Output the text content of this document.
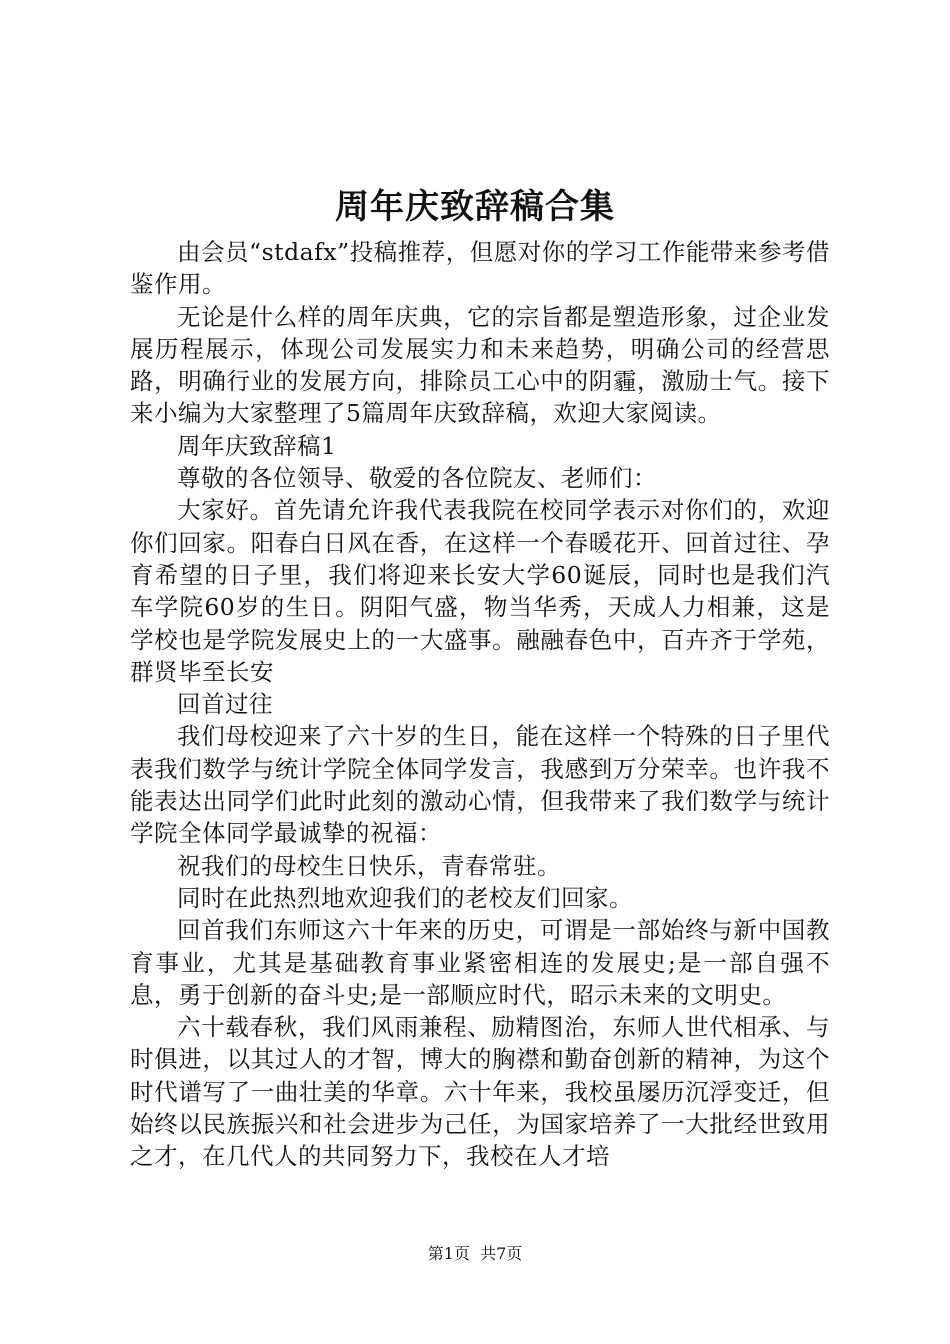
周年庆致辞稿合集

由会员“stdafx”投稿推荐，但愿对你的学习工作能带来参考借鉴作用。

无论是什么样的周年庆典，它的宗旨都是塑造形象，过企业发展历程展示，体现公司发展实力和未来趋势，明确公司的经营思路，明确行业的发展方向，排除员工心中的阴霾，激励士气。接下来小编为大家整理了5篇周年庆致辞稿，欢迎大家阅读。

周年庆致辞稿1

尊敬的各位领导、敬爱的各位院友、老师们：

大家好。首先请允许我代表我院在校同学表示对你们的，欢迎你们回家。阳春白日风在香，在这样一个春暖花开、回首过往、孕育希望的日子里，我们将迎来长安大学60诞辰，同时也是我们汽车学院60岁的生日。阴阳气盛，物当华秀，天成人力相兼，这是学校也是学院发展史上的一大盛事。融融春色中，百卉齐于学苑，群贤毕至长安

回首过往

我们母校迎来了六十岁的生日，能在这样一个特殊的日子里代表我们数学与统计学院全体同学发言，我感到万分荣幸。也许我不能表达出同学们此时此刻的激动心情，但我带来了我们数学与统计学院全体同学最诚挚的祝福：

祝我们的母校生日快乐，青春常驻。

同时在此热烈地欢迎我们的老校友们回家。

回首我们东师这六十年来的历史，可谓是一部始终与新中国教育事业，尤其是基础教育事业紧密相连的发展史;是一部自强不息，勇于创新的奋斗史;是一部顺应时代，昭示未来的文明史。

六十载春秋，我们风雨兼程、励精图治，东师人世代相承、与时俱进，以其过人的才智，博大的胸襟和勤奋创新的精神，为这个时代谱写了一曲壮美的华章。六十年来，我校虽屡历沉浮变迁，但始终以民族振兴和社会进步为己任，为国家培养了一大批经世致用之才，在几代人的共同努力下，我校在人才培

第1页 共7页
